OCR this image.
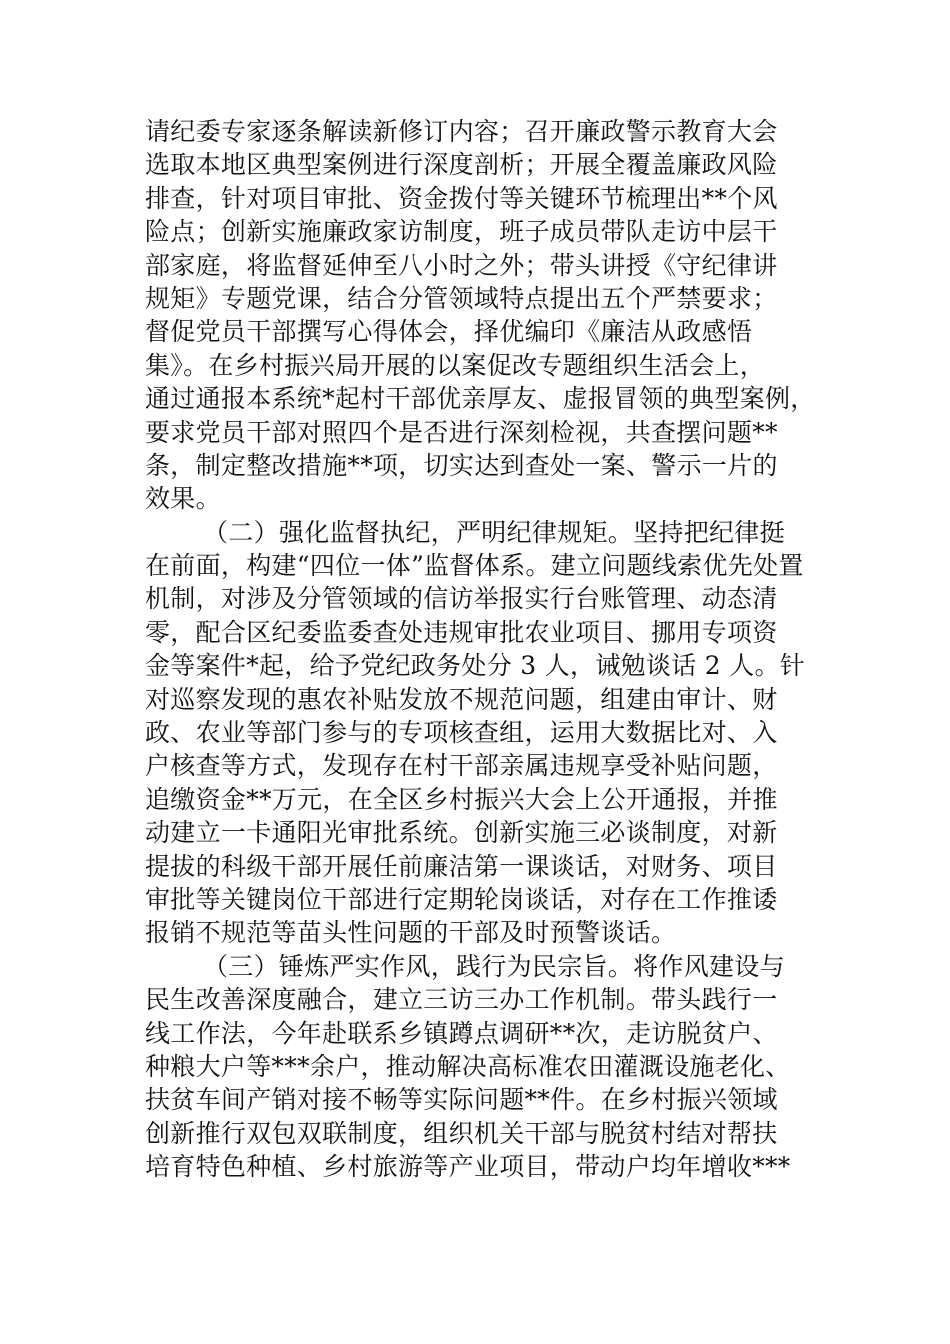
请纪委专家逐条解读新修订内容；召开廉政警示教育大会
选取本地区典型案例进行深度剖析；开展全覆盖廉政风险
排查，针对项目审批、资金拨付等关键环节梳理出**个风
险点；创新实施廉政家访制度，班子成员带队走访中层干
部家庭，将监督延伸至八小时之外；带头讲授《守纪律讲
规矩》专题党课，结合分管领域特点提出五个严禁要求；
督促党员干部撰写心得体会，择优编印《廉洁从政感悟
集》。在乡村振兴局开展的以案促改专题组织生活会上，
通过通报本系统*起村干部优亲厚友、虚报冒领的典型案例，
要求党员干部对照四个是否进行深刻检视，共查摆问题**
条，制定整改措施**项，切实达到查处一案、警示一片的
效果。
（二）强化监督执纪，严明纪律规矩。坚持把纪律挺
在前面，构建“四位一体”监督体系。建立问题线索优先处置
机制，对涉及分管领域的信访举报实行台账管理、动态清
零，配合区纪委监委查处违规审批农业项目、挪用专项资
金等案件*起，给予党纪政务处分 3 人，诫勉谈话 2 人。针
对巡察发现的惠农补贴发放不规范问题，组建由审计、财
政、农业等部门参与的专项核查组，运用大数据比对、入
户核查等方式，发现存在村干部亲属违规享受补贴问题，
追缴资金**万元，在全区乡村振兴大会上公开通报，并推
动建立一卡通阳光审批系统。创新实施三必谈制度，对新
提拔的科级干部开展任前廉洁第一课谈话，对财务、项目
审批等关键岗位干部进行定期轮岗谈话，对存在工作推诿
报销不规范等苗头性问题的干部及时预警谈话。
（三）锤炼严实作风，践行为民宗旨。将作风建设与
民生改善深度融合，建立三访三办工作机制。带头践行一
线工作法，今年赴联系乡镇蹲点调研**次，走访脱贫户、
种粮大户等***余户，推动解决高标准农田灌溉设施老化、
扶贫车间产销对接不畅等实际问题**件。在乡村振兴领域
创新推行双包双联制度，组织机关干部与脱贫村结对帮扶
培育特色种植、乡村旅游等产业项目，带动户均年增收***
